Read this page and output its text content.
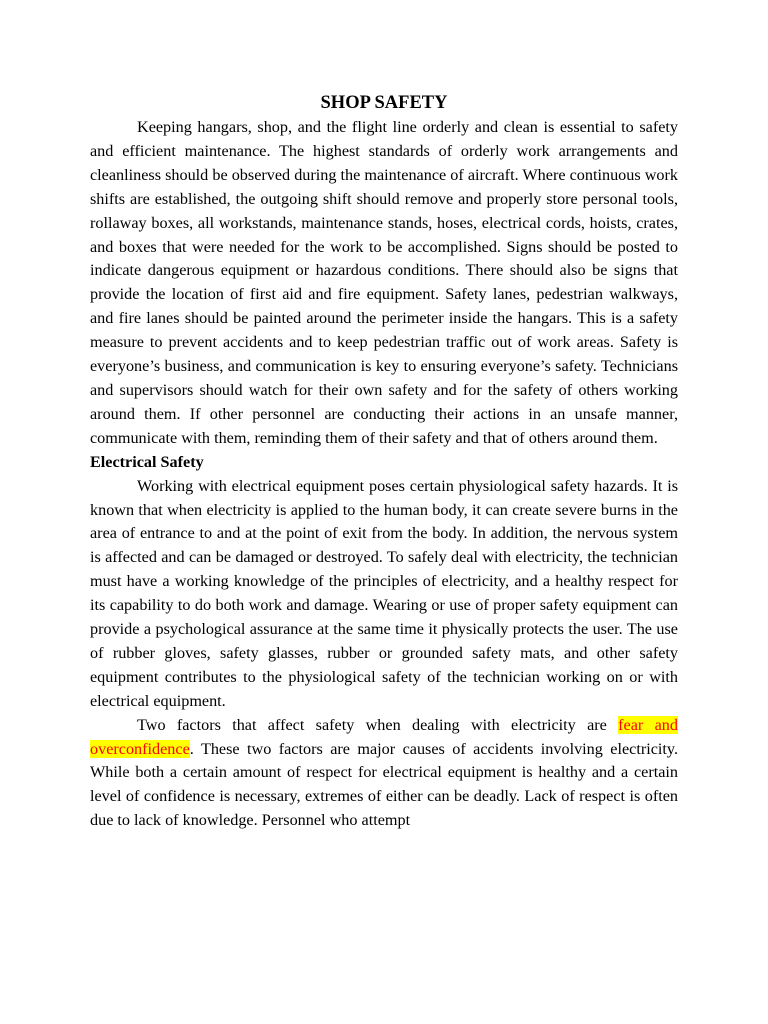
SHOP SAFETY

Keeping hangars, shop, and the flight line orderly and clean is essential to safety and efficient maintenance. The highest standards of orderly work arrangements and cleanliness should be observed during the maintenance of aircraft. Where continuous work shifts are established, the outgoing shift should remove and properly store personal tools, rollaway boxes, all workstands, maintenance stands, hoses, electrical cords, hoists, crates, and boxes that were needed for the work to be accomplished. Signs should be posted to indicate dangerous equipment or hazardous conditions. There should also be signs that provide the location of first aid and fire equipment. Safety lanes, pedestrian walkways, and fire lanes should be painted around the perimeter inside the hangars. This is a safety measure to prevent accidents and to keep pedestrian traffic out of work areas. Safety is everyone’s business, and communication is key to ensuring everyone’s safety. Technicians and supervisors should watch for their own safety and for the safety of others working around them. If other personnel are conducting their actions in an unsafe manner, communicate with them, reminding them of their safety and that of others around them.

Electrical Safety

Working with electrical equipment poses certain physiological safety hazards. It is known that when electricity is applied to the human body, it can create severe burns in the area of entrance to and at the point of exit from the body. In addition, the nervous system is affected and can be damaged or destroyed. To safely deal with electricity, the technician must have a working knowledge of the principles of electricity, and a healthy respect for its capability to do both work and damage. Wearing or use of proper safety equipment can provide a psychological assurance at the same time it physically protects the user. The use of rubber gloves, safety glasses, rubber or grounded safety mats, and other safety equipment contributes to the physiological safety of the technician working on or with electrical equipment.

Two factors that affect safety when dealing with electricity are fear and overconfidence. These two factors are major causes of accidents involving electricity. While both a certain amount of respect for electrical equipment is healthy and a certain level of confidence is necessary, extremes of either can be deadly. Lack of respect is often due to lack of knowledge. Personnel who attempt
